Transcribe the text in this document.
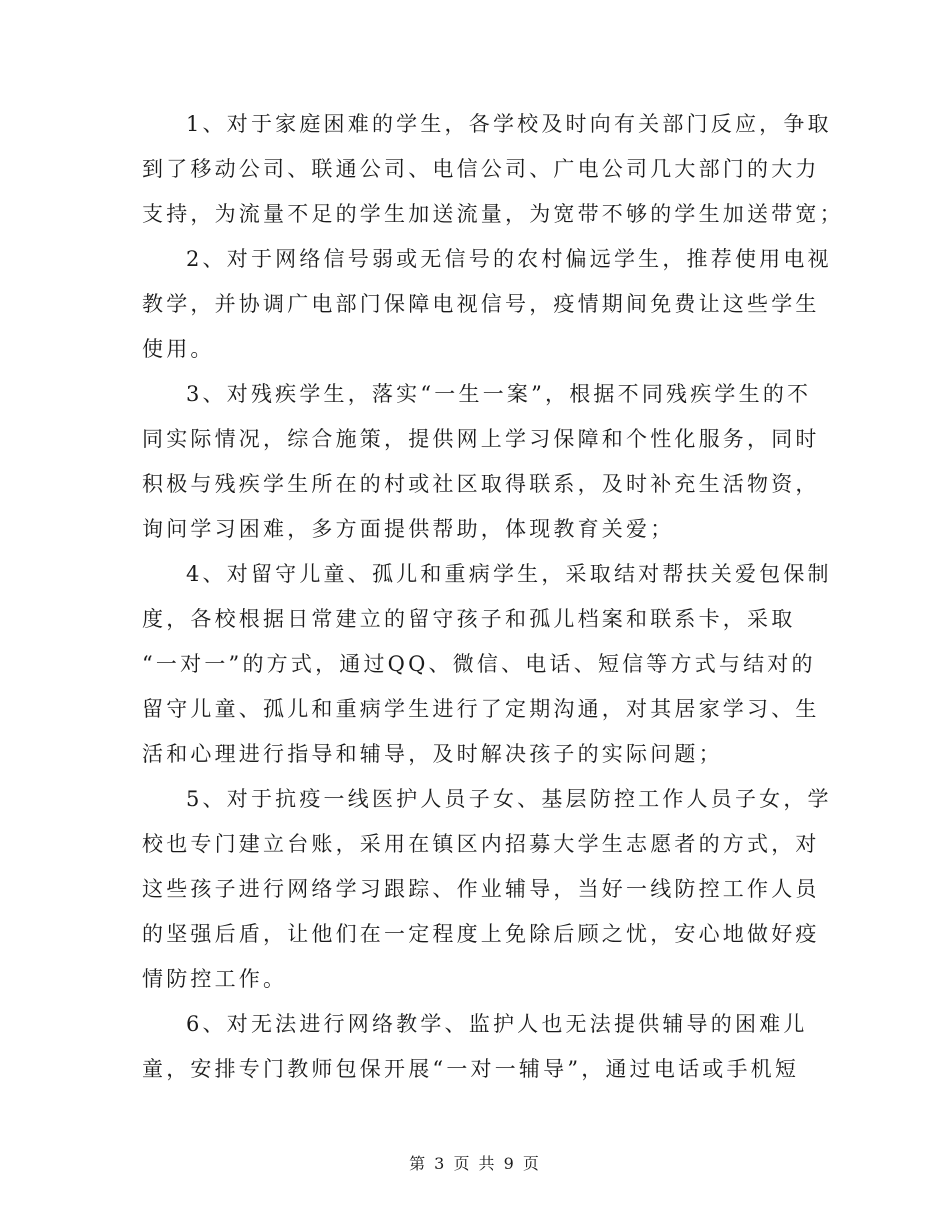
1、对于家庭困难的学生，各学校及时向有关部门反应，争取
到了移动公司、联通公司、电信公司、广电公司几大部门的大力
支持，为流量不足的学生加送流量，为宽带不够的学生加送带宽；
2、对于网络信号弱或无信号的农村偏远学生，推荐使用电视
教学，并协调广电部门保障电视信号，疫情期间免费让这些学生
使用。
3、对残疾学生，落实“一生一案”，根据不同残疾学生的不
同实际情况，综合施策，提供网上学习保障和个性化服务，同时
积极与残疾学生所在的村或社区取得联系，及时补充生活物资，
询问学习困难，多方面提供帮助，体现教育关爱；
4、对留守儿童、孤儿和重病学生，采取结对帮扶关爱包保制
度，各校根据日常建立的留守孩子和孤儿档案和联系卡，采取
“一对一”的方式，通过QQ、微信、电话、短信等方式与结对的
留守儿童、孤儿和重病学生进行了定期沟通，对其居家学习、生
活和心理进行指导和辅导，及时解决孩子的实际问题；
5、对于抗疫一线医护人员子女、基层防控工作人员子女，学
校也专门建立台账，采用在镇区内招募大学生志愿者的方式，对
这些孩子进行网络学习跟踪、作业辅导，当好一线防控工作人员
的坚强后盾，让他们在一定程度上免除后顾之忧，安心地做好疫
情防控工作。
6、对无法进行网络教学、监护人也无法提供辅导的困难儿
童，安排专门教师包保开展“一对一辅导”，通过电话或手机短
第 3 页 共 9 页
